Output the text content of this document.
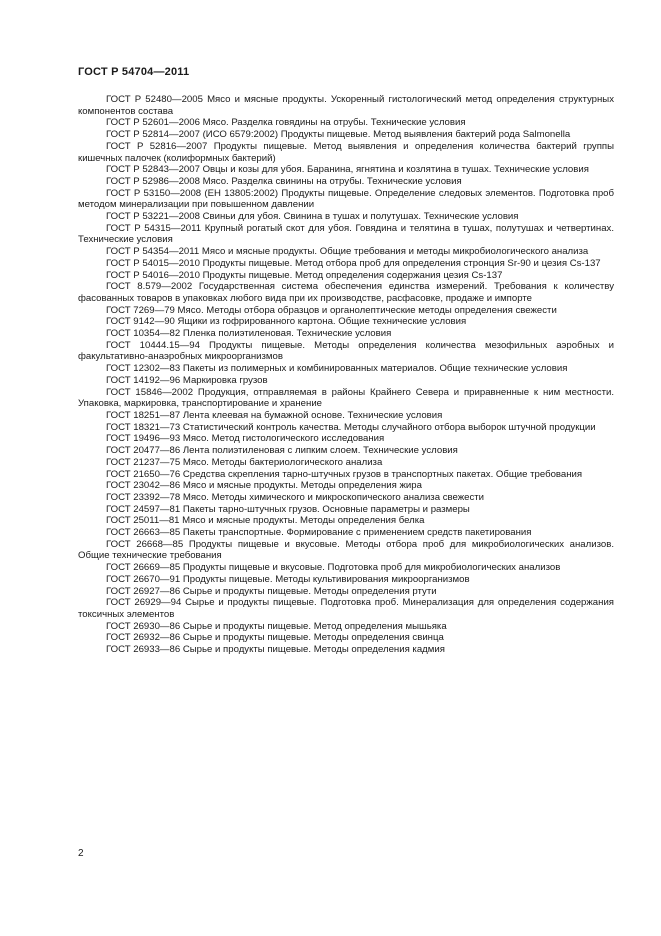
ГОСТ Р 54704—2011
ГОСТ Р 52480—2005 Мясо и мясные продукты. Ускоренный гистологический метод определения структурных компонентов состава
ГОСТ Р 52601—2006 Мясо. Разделка говядины на отрубы. Технические условия
ГОСТ Р 52814—2007 (ИСО 6579:2002) Продукты пищевые. Метод выявления бактерий рода Salmonella
ГОСТ Р 52816—2007 Продукты пищевые. Метод выявления и определения количества бактерий группы кишечных палочек (колиформных бактерий)
ГОСТ Р 52843—2007 Овцы и козы для убоя. Баранина, ягнятина и козлятина в тушах. Технические условия
ГОСТ Р 52986—2008 Мясо. Разделка свинины на отрубы. Технические условия
ГОСТ Р 53150—2008 (ЕН 13805:2002) Продукты пищевые. Определение следовых элементов. Подготовка проб методом минерализации при повышенном давлении
ГОСТ Р 53221—2008 Свиньи для убоя. Свинина в тушах и полутушах. Технические условия
ГОСТ Р 54315—2011 Крупный рогатый скот для убоя. Говядина и телятина в тушах, полутушах и четвертинах. Технические условия
ГОСТ Р 54354—2011 Мясо и мясные продукты. Общие требования и методы микробиологического анализа
ГОСТ Р 54015—2010 Продукты пищевые. Метод отбора проб для определения стронция Sr-90 и цезия Cs-137
ГОСТ Р 54016—2010 Продукты пищевые. Метод определения содержания цезия Cs-137
ГОСТ 8.579—2002 Государственная система обеспечения единства измерений. Требования к количеству фасованных товаров в упаковках любого вида при их производстве, расфасовке, продаже и импорте
ГОСТ 7269—79 Мясо. Методы отбора образцов и органолептические методы определения свежести
ГОСТ 9142—90 Ящики из гофрированного картона. Общие технические условия
ГОСТ 10354—82 Пленка полиэтиленовая. Технические условия
ГОСТ 10444.15—94 Продукты пищевые. Методы определения количества мезофильных аэробных и факультативно-анаэробных микроорганизмов
ГОСТ 12302—83 Пакеты из полимерных и комбинированных материалов. Общие технические условия
ГОСТ 14192—96 Маркировка грузов
ГОСТ 15846—2002 Продукция, отправляемая в районы Крайнего Севера и приравненные к ним местности. Упаковка, маркировка, транспортирование и хранение
ГОСТ 18251—87 Лента клеевая на бумажной основе. Технические условия
ГОСТ 18321—73 Статистический контроль качества. Методы случайного отбора выборок штучной продукции
ГОСТ 19496—93 Мясо. Метод гистологического исследования
ГОСТ 20477—86 Лента полиэтиленовая с липким слоем. Технические условия
ГОСТ 21237—75 Мясо. Методы бактериологического анализа
ГОСТ 21650—76 Средства скрепления тарно-штучных грузов в транспортных пакетах. Общие требования
ГОСТ 23042—86 Мясо и мясные продукты. Методы определения жира
ГОСТ 23392—78 Мясо. Методы химического и микроскопического анализа свежести
ГОСТ 24597—81 Пакеты тарно-штучных грузов. Основные параметры и размеры
ГОСТ 25011—81 Мясо и мясные продукты. Методы определения белка
ГОСТ 26663—85 Пакеты транспортные. Формирование с применением средств пакетирования
ГОСТ 26668—85 Продукты пищевые и вкусовые. Методы отбора проб для микробиологических анализов. Общие технические требования
ГОСТ 26669—85 Продукты пищевые и вкусовые. Подготовка проб для микробиологических анализов
ГОСТ 26670—91 Продукты пищевые. Методы культивирования микроорганизмов
ГОСТ 26927—86 Сырье и продукты пищевые. Методы определения ртути
ГОСТ 26929—94 Сырье и продукты пищевые. Подготовка проб. Минерализация для определения содержания токсичных элементов
ГОСТ 26930—86 Сырье и продукты пищевые. Метод определения мышьяка
ГОСТ 26932—86 Сырье и продукты пищевые. Методы определения свинца
ГОСТ 26933—86 Сырье и продукты пищевые. Методы определения кадмия
2
